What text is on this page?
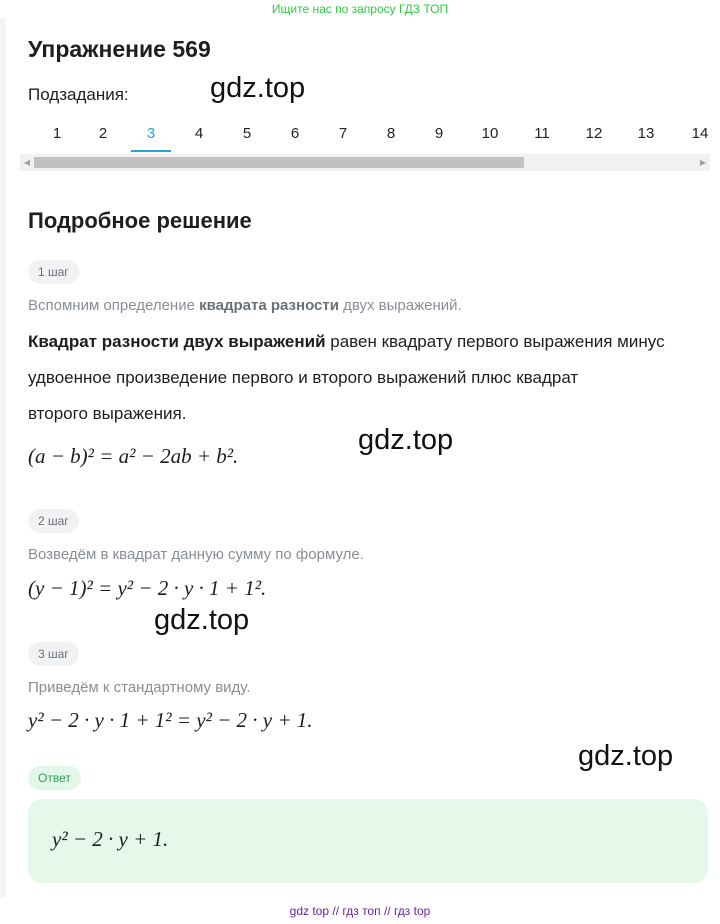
Ищите нас по запросу ГДЗ ТОП
Упражнение 569
Подзадания:
1	2	3	4	5	6	7	8	9	10	11	12	13	14
◀	▶
Подробное решение
1 шаг
Вспомним определение квадрата разности двух выражений.
Квадрат разности двух выражений равен квадрату первого выражения минус
удвоенное произведение первого и второго выражений плюс квадрат
второго выражения.
(a − b)² = a² − 2ab + b².
2 шаг
Возведём в квадрат данную сумму по формуле.
(y − 1)² = y² − 2 · y · 1 + 1².
3 шаг
Приведём к стандартному виду.
y² − 2 · y · 1 + 1² = y² − 2 · y + 1.
Ответ
y² − 2 · y + 1.
gdz.top
gdz.top
gdz.top
gdz.top
gdz top // гдз топ // гдз top
